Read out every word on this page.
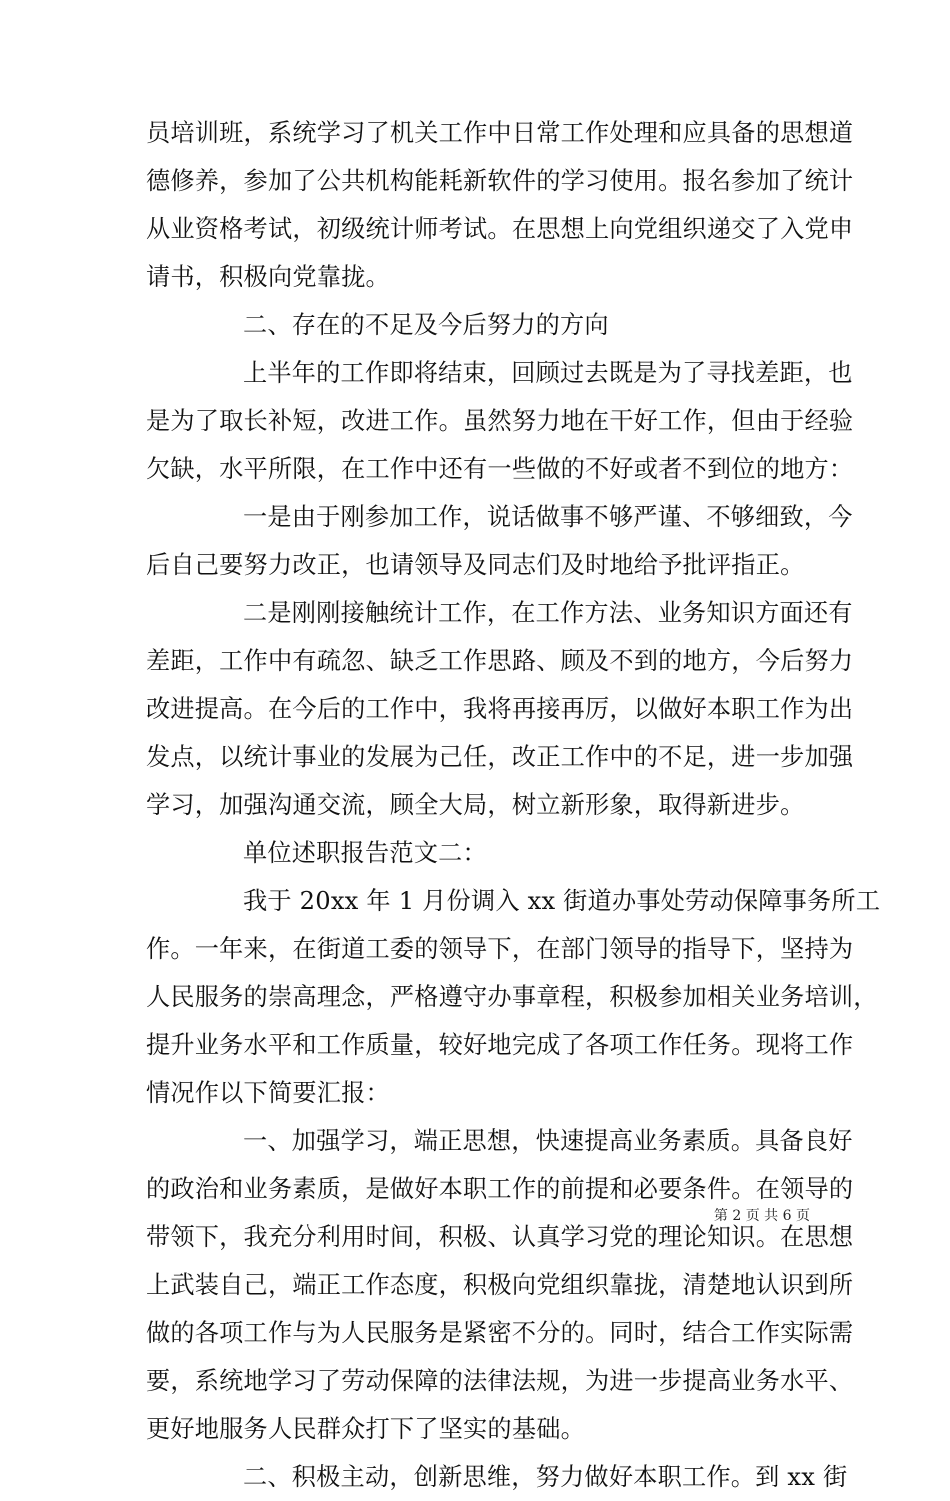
员培训班，系统学习了机关工作中日常工作处理和应具备的思想道
德修养，参加了公共机构能耗新软件的学习使用。报名参加了统计
从业资格考试，初级统计师考试。在思想上向党组织递交了入党申
请书，积极向党靠拢。
二、存在的不足及今后努力的方向
上半年的工作即将结束，回顾过去既是为了寻找差距，也
是为了取长补短，改进工作。虽然努力地在干好工作，但由于经验
欠缺，水平所限，在工作中还有一些做的不好或者不到位的地方：
一是由于刚参加工作，说话做事不够严谨、不够细致，今
后自己要努力改正，也请领导及同志们及时地给予批评指正。
二是刚刚接触统计工作，在工作方法、业务知识方面还有
差距，工作中有疏忽、缺乏工作思路、顾及不到的地方，今后努力
改进提高。在今后的工作中，我将再接再厉，以做好本职工作为出
发点，以统计事业的发展为己任，改正工作中的不足，进一步加强
学习，加强沟通交流，顾全大局，树立新形象，取得新进步。
单位述职报告范文二：
我于 20xx 年 1 月份调入 xx 街道办事处劳动保障事务所工
作。一年来，在街道工委的领导下，在部门领导的指导下，坚持为
人民服务的崇高理念，严格遵守办事章程，积极参加相关业务培训，
提升业务水平和工作质量，较好地完成了各项工作任务。现将工作
情况作以下简要汇报：
一、加强学习，端正思想，快速提高业务素质。具备良好
的政治和业务素质，是做好本职工作的前提和必要条件。在领导的
带领下，我充分利用时间，积极、认真学习党的理论知识。在思想
上武装自己，端正工作态度，积极向党组织靠拢，清楚地认识到所
做的各项工作与为人民服务是紧密不分的。同时，结合工作实际需
要，系统地学习了劳动保障的法律法规，为进一步提高业务水平、
更好地服务人民群众打下了坚实的基础。
二、积极主动，创新思维，努力做好本职工作。到 xx 街
第 2 页 共 6 页
